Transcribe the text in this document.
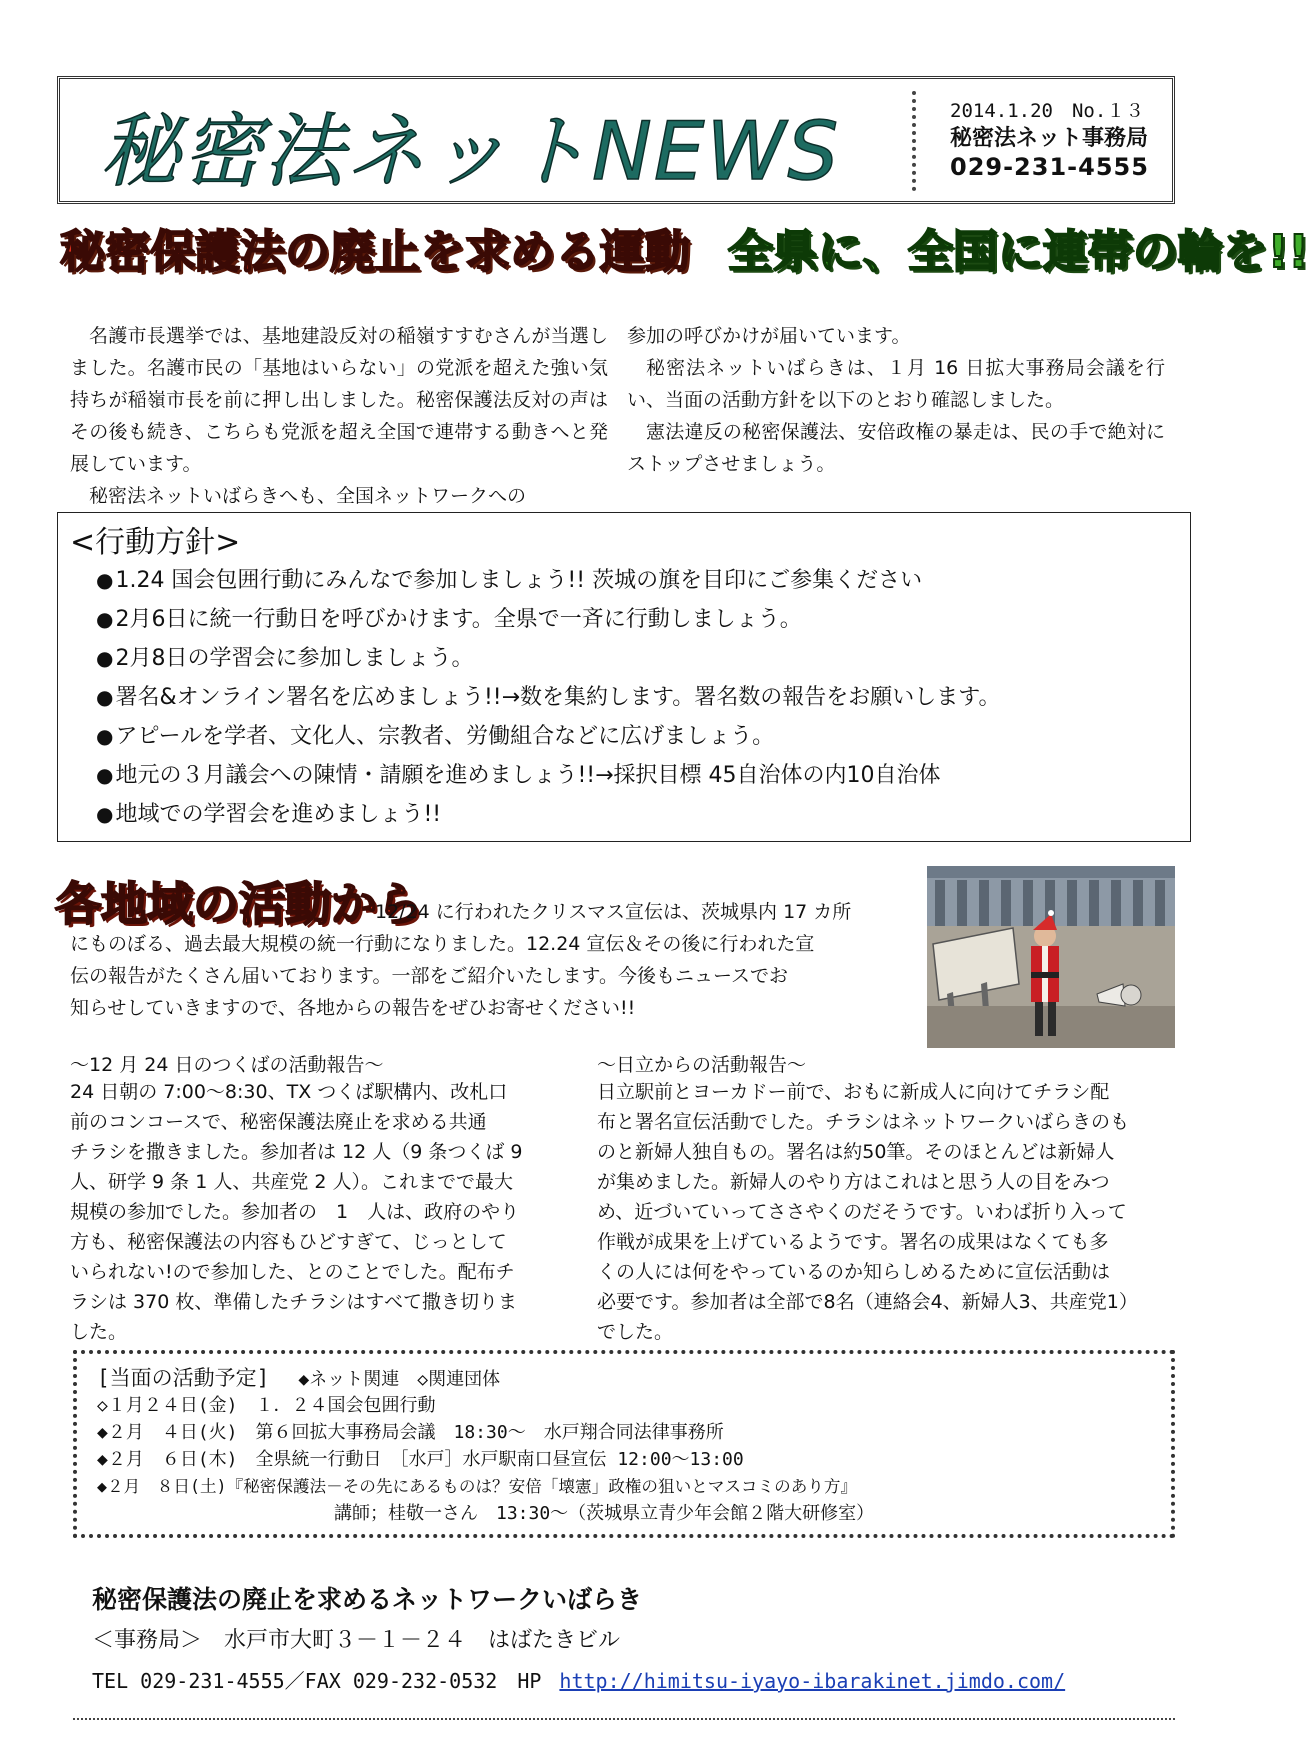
秘密法ネットNEWS	2014.1.20　No.１３
秘密法ネット事務局
029-231-4555
秘密保護法の廃止を求める運動 全県に、全国に連帯の輪を!!

名護市長選挙では、基地建設反対の稲嶺すすむさんが当選しました。名護市民の「基地はいらない」の党派を超えた強い気持ちが稲嶺市長を前に押し出しました。秘密保護法反対の声はその後も続き、こちらも党派を超え全国で連帯する動きへと発展しています。

秘密法ネットいばらきへも、全国ネットワークへの

参加の呼びかけが届いています。

秘密法ネットいばらきは、１月 16 日拡大事務局会議を行い、当面の活動方針を以下のとおり確認しました。

憲法違反の秘密保護法、安倍政権の暴走は、民の手で絶対にストップさせましょう。

<行動方針>
●1.24 国会包囲行動にみんなで参加しましょう!! 茨城の旗を目印にご参集ください
●2月6日に統一行動日を呼びかけます。全県で一斉に行動しましょう。
●2月8日の学習会に参加しましょう。
●署名&オンライン署名を広めましょう!!→数を集約します。署名数の報告をお願いします。
●アピールを学者、文化人、宗教者、労働組合などに広げましょう。
●地元の３月議会への陳情・請願を進めましょう!!→採択目標 45自治体の内10自治体
●地域での学習会を進めましょう!!
各地域の活動から
12/24 に行われたクリスマス宣伝は、茨城県内 17 カ所
にものぼる、過去最大規模の統一行動になりました。12.24 宣伝＆その後に行われた宣
伝の報告がたくさん届いております。一部をご紹介いたします。今後もニュースでお
知らせしていきますので、各地からの報告をぜひお寄せください!!
～12 月 24 日のつくばの活動報告～
24 日朝の 7:00～8:30、TX つくば駅構内、改札口
前のコンコースで、秘密保護法廃止を求める共通
チラシを撒きました。参加者は 12 人（9 条つくば 9
人、研学 9 条 1 人、共産党 2 人）。これまでで最大
規模の参加でした。参加者の　1　人は、政府のやり
方も、秘密保護法の内容もひどすぎて、じっとして
いられない!ので参加した、とのことでした。配布チ
ラシは 370 枚、準備したチラシはすべて撒き切りま
した。
～日立からの活動報告～
日立駅前とヨーカドー前で、おもに新成人に向けてチラシ配
布と署名宣伝活動でした。チラシはネットワークいばらきのも
のと新婦人独自もの。署名は約50筆。そのほとんどは新婦人
が集めました。新婦人のやり方はこれはと思う人の目をみつ
め、近づいていってささやくのだそうです。いわば折り入って
作戦が成果を上げているようです。署名の成果はなくても多
くの人には何をやっているのか知らしめるために宣伝活動は
必要です。参加者は全部で8名（連絡会4、新婦人3、共産党1）
でした。
[当面の活動予定] ◆ネット関連　◇関連団体
◇１月２４日(金)　１．２４国会包囲行動
◆２月　４日(火)　第６回拡大事務局会議　18:30～　水戸翔合同法律事務所
◆２月　６日(木)　全県統一行動日　［水戸］水戸駅南口昼宣伝 12:00～13:00
◆２月　８日(土)『秘密保護法－その先にあるものは？安倍「壊憲」政権の狙いとマスコミのあり方』
講師；桂敬一さん　13:30～（茨城県立青少年会館２階大研修室）
秘密保護法の廃止を求めるネットワークいばらき
＜事務局＞　水戸市大町３－１－２４　はばたきビル
TEL 029-231-4555／FAX 029-232-0532　HP http://himitsu-iyayo-ibarakinet.jimdo.com/
